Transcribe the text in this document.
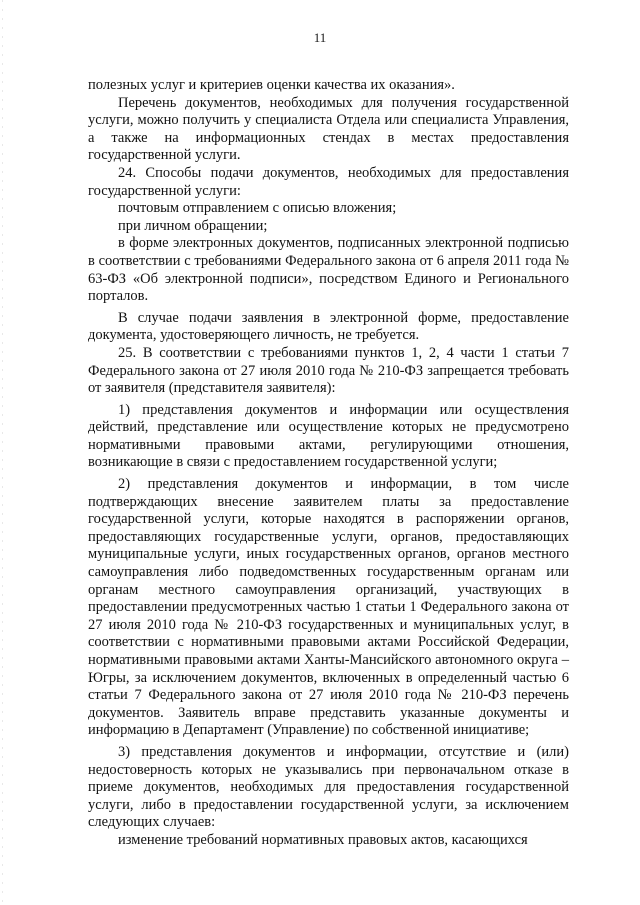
11

полезных услуг и критериев оценки качества их оказания».

Перечень документов, необходимых для получения государственной услуги, можно получить у специалиста Отдела или специалиста Управления, а также на информационных стендах в местах предоставления государственной услуги.

24. Способы подачи документов, необходимых для предоставления государственной услуги:

почтовым отправлением с описью вложения;

при личном обращении;

в форме электронных документов, подписанных электронной подписью в соответствии с требованиями Федерального закона от 6 апреля 2011 года № 63-ФЗ «Об электронной подписи», посредством Единого и Регионального порталов.

В случае подачи заявления в электронной форме, предоставление документа, удостоверяющего личность, не требуется.

25. В соответствии с требованиями пунктов 1, 2, 4 части 1 статьи 7 Федерального закона от 27 июля 2010 года № 210-ФЗ запрещается требовать от заявителя (представителя заявителя):

1) представления документов и информации или осуществления действий, представление или осуществление которых не предусмотрено нормативными правовыми актами, регулирующими отношения, возникающие в связи с предоставлением государственной услуги;

2) представления документов и информации, в том числе подтверждающих внесение заявителем платы за предоставление государственной услуги, которые находятся в распоряжении органов, предоставляющих государственные услуги, органов, предоставляющих муниципальные услуги, иных государственных органов, органов местного самоуправления либо подведомственных государственным органам или органам местного самоуправления организаций, участвующих в предоставлении предусмотренных частью 1 статьи 1 Федерального закона от 27 июля 2010 года № 210-ФЗ государственных и муниципальных услуг, в соответствии с нормативными правовыми актами Российской Федерации, нормативными правовыми актами Ханты-Мансийского автономного округа – Югры, за исключением документов, включенных в определенный частью 6 статьи 7 Федерального закона от 27 июля 2010 года № 210-ФЗ перечень документов. Заявитель вправе представить указанные документы и информацию в Департамент (Управление) по собственной инициативе;

3) представления документов и информации, отсутствие и (или) недостоверность которых не указывались при первоначальном отказе в приеме документов, необходимых для предоставления государственной услуги, либо в предоставлении государственной услуги, за исключением следующих случаев:

изменение требований нормативных правовых актов, касающихся
